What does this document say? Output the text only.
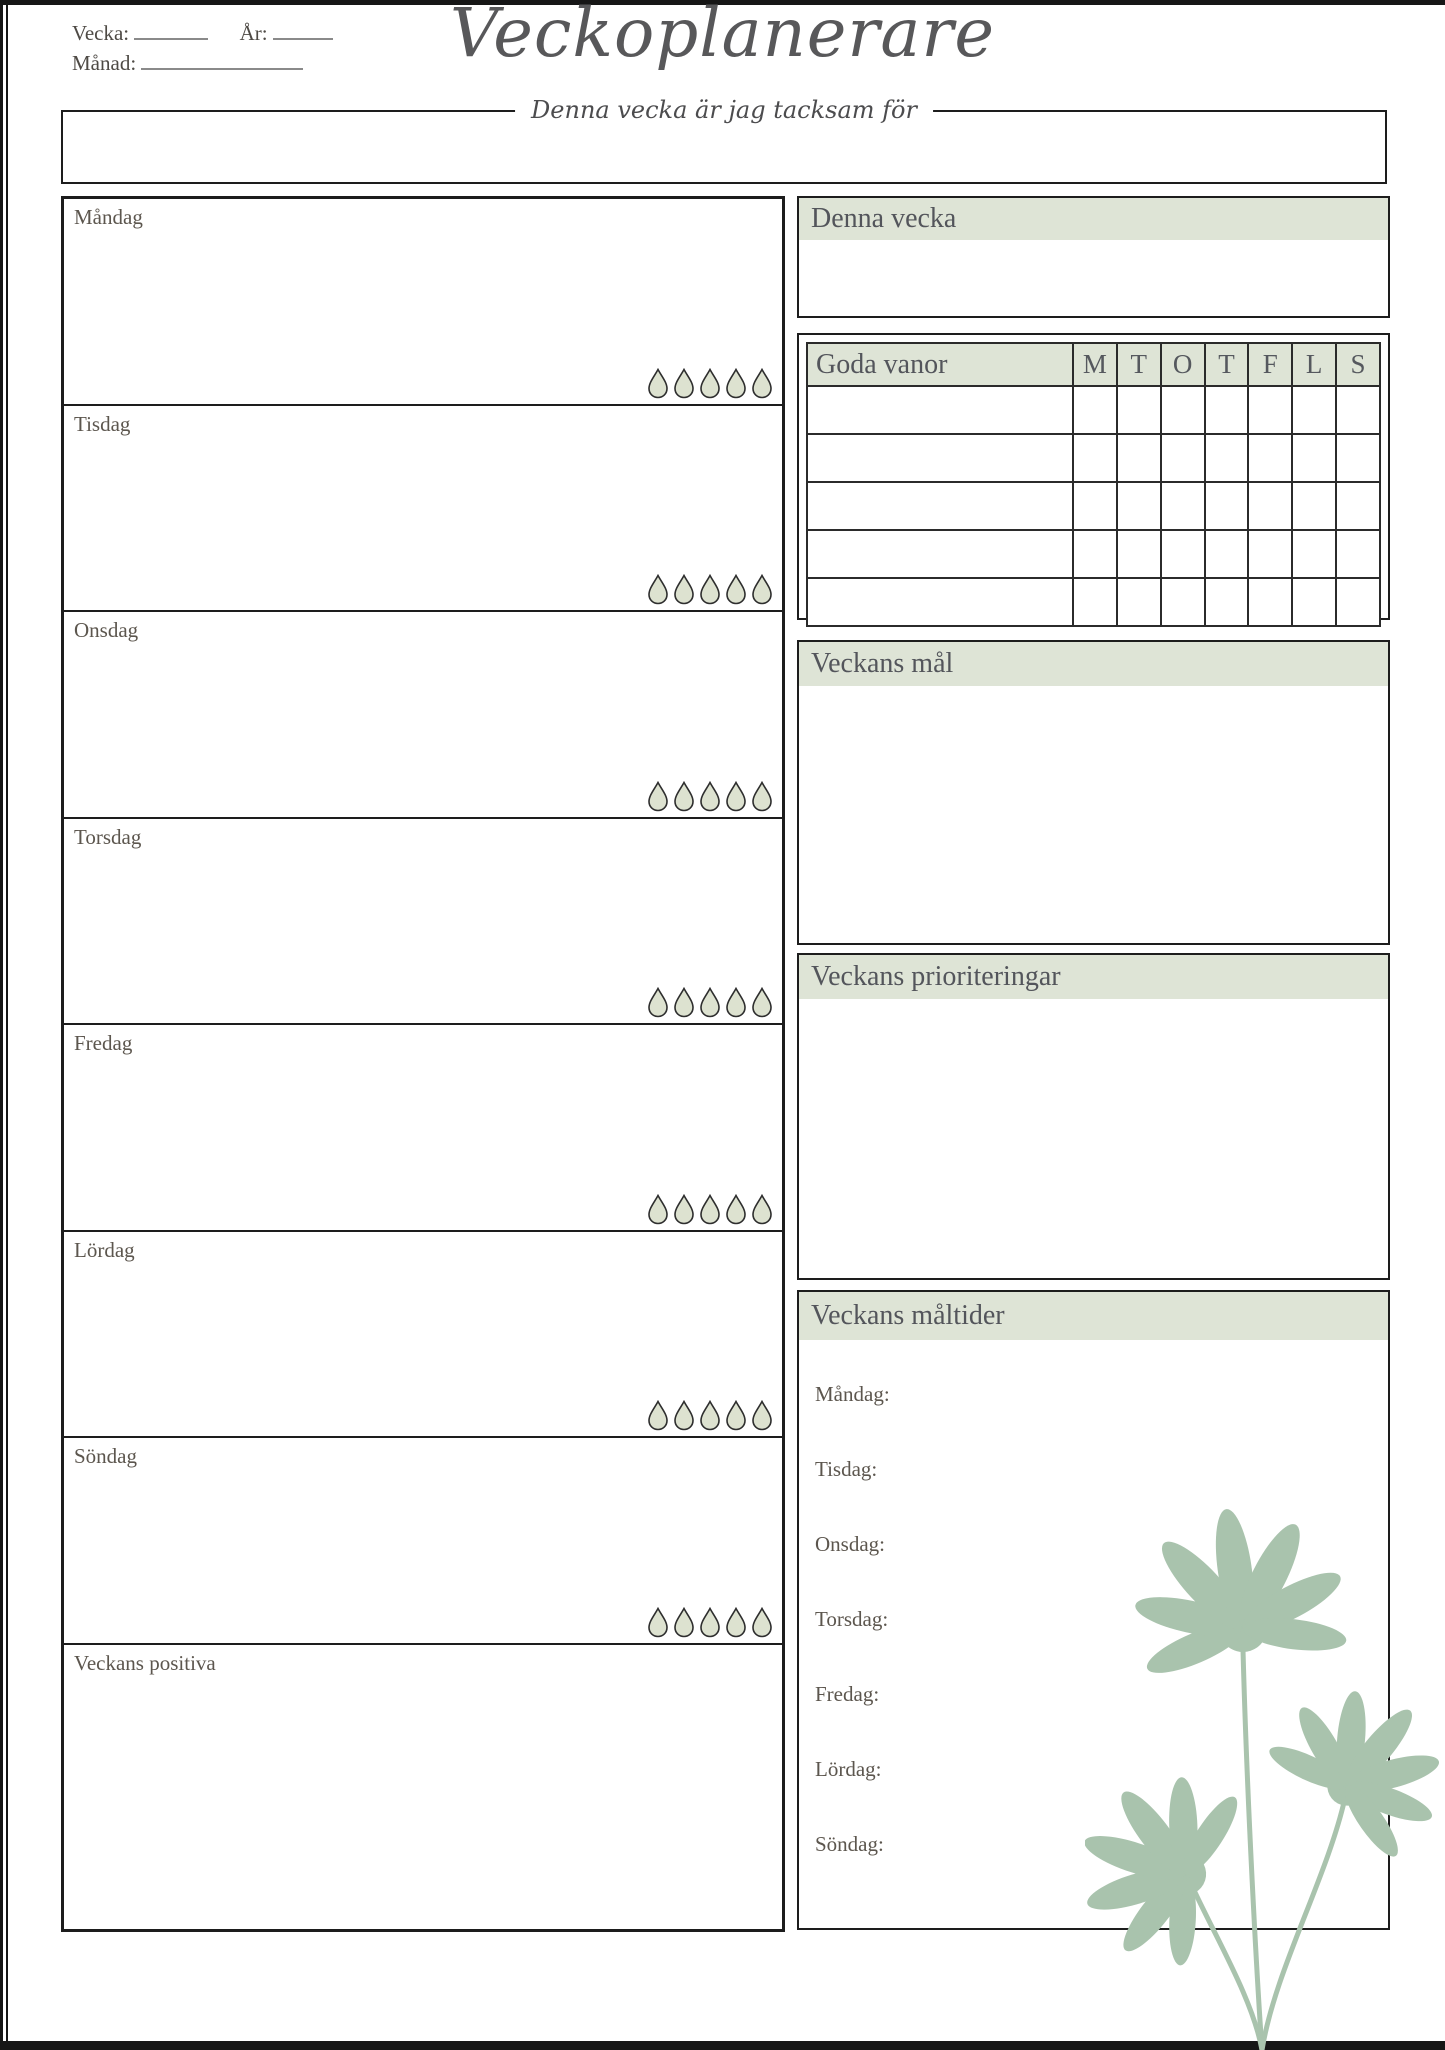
Vecka:	År:
Månad:	Veckoplanerare
Denna vecka är jag tacksam för
Måndag
Tisdag
Onsdag
Torsdag
Fredag
Lördag
Söndag
Veckans positiva
Denna vecka
Goda vanor	M	T	O	T	F	L	S

Veckans mål
Veckans prioriteringar
Veckans måltider
Måndag:
Tisdag:
Onsdag:
Torsdag:
Fredag:
Lördag:
Söndag:
